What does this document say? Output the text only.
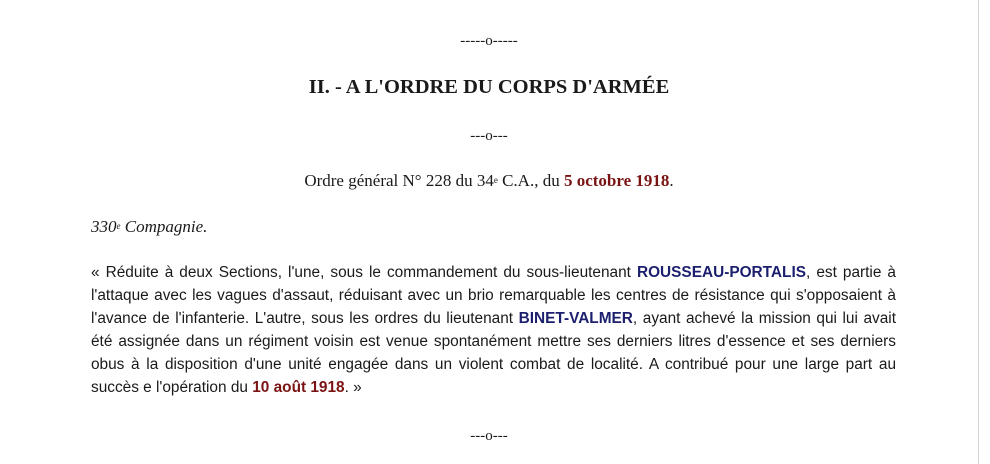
-----o-----
II. - A L'ORDRE DU CORPS D'ARMÉE
---o---
Ordre général N° 228 du 34e C.A., du 5 octobre 1918.
330e Compagnie.
« Réduite à deux Sections, l'une, sous le commandement du sous-lieutenant ROUSSEAU-PORTALIS, est partie à l'attaque avec les vagues d'assaut, réduisant avec un brio remarquable les centres de résistance qui s'opposaient à l'avance de l'infanterie. L'autre, sous les ordres du lieutenant BINET-VALMER, ayant achevé la mission qui lui avait été assignée dans un régiment voisin est venue spontanément mettre ses derniers litres d'essence et ses derniers obus à la disposition d'une unité engagée dans un violent combat de localité. A contribué pour une large part au succès e l'opération du 10 août 1918. »
---o---
